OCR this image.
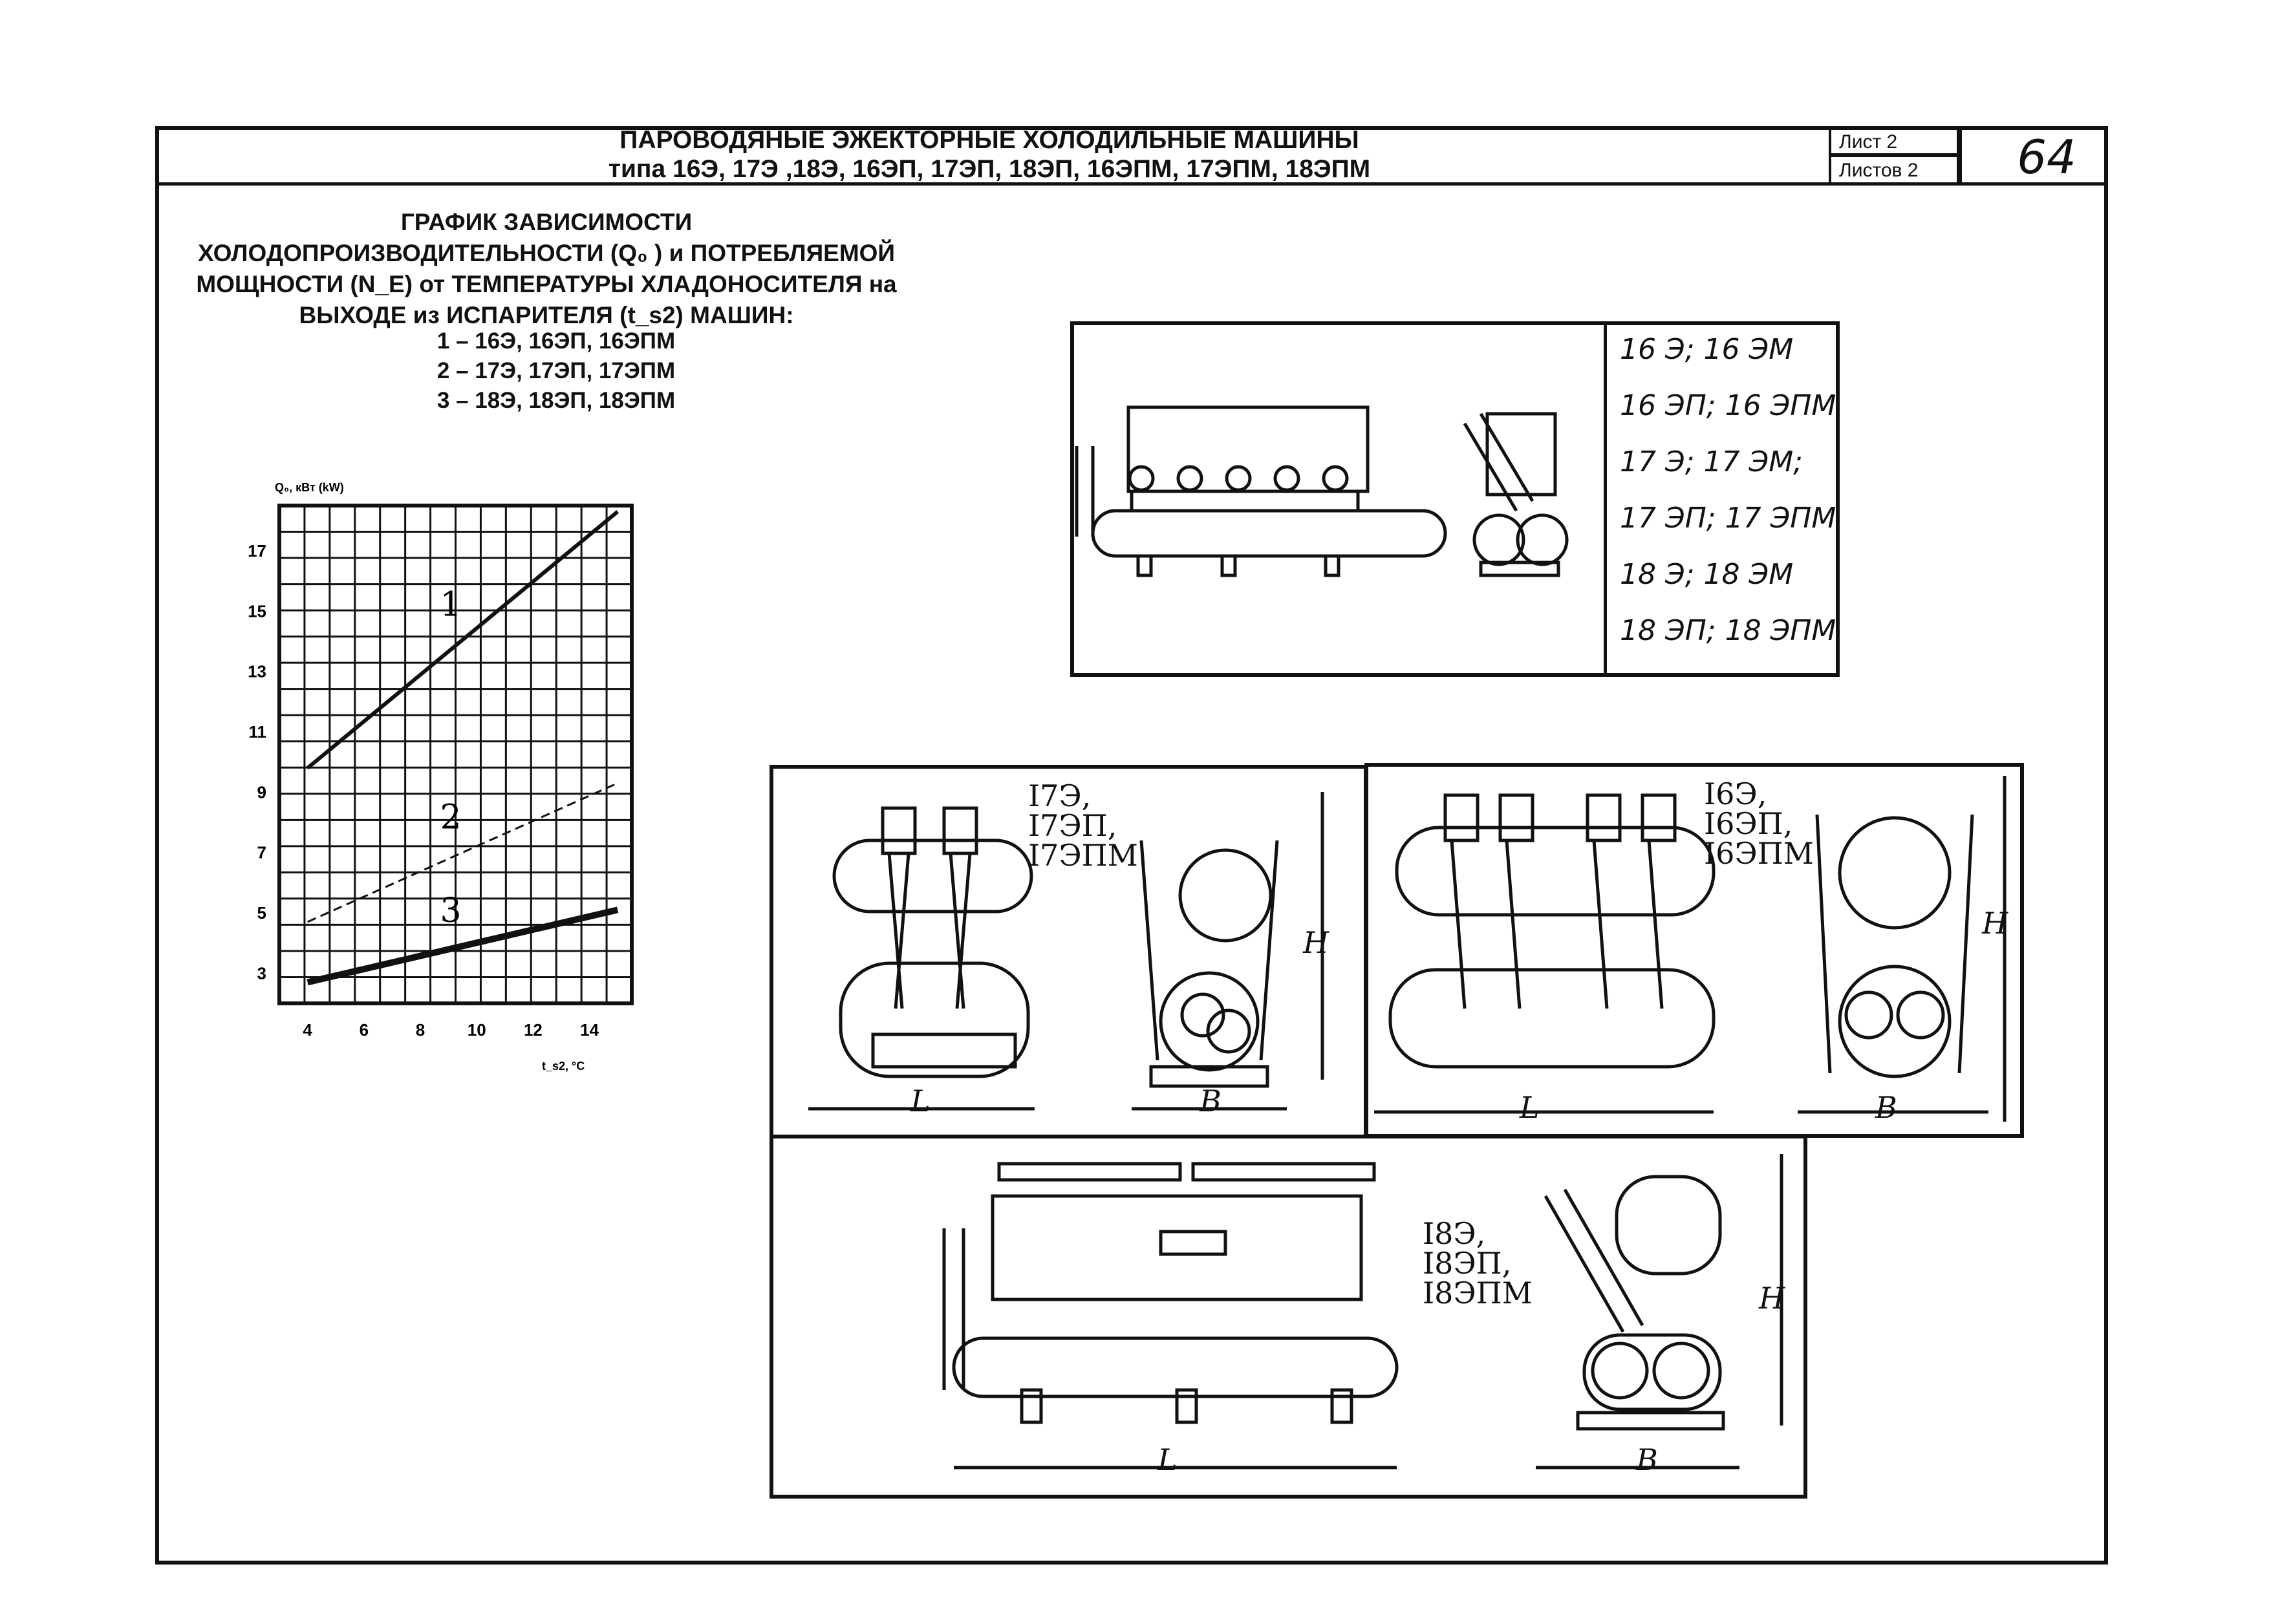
ПАРОВОДЯНЫЕ ЭЖЕКТОРНЫЕ ХОЛОДИЛЬНЫЕ МАШИНЫ
типа 16Э, 17Э ,18Э, 16ЭП, 17ЭП, 18ЭП, 16ЭПМ, 17ЭПМ, 18ЭПМ
Лист 2
Листов 2	64
ГРАФИК ЗАВИСИМОСТИ
ХОЛОДОПРОИЗВОДИТЕЛЬНОСТИ (Q₀ ) и ПОТРЕБЛЯЕМОЙ
МОЩНОСТИ (N_E) от ТЕМПЕРАТУРЫ ХЛАДОНОСИТЕЛЯ на
ВЫХОДЕ из ИСПАРИТЕЛЯ (t_s2) МАШИН:
1 – 16Э, 16ЭП, 16ЭПМ
2 – 17Э, 17ЭП, 17ЭПМ
3 – 18Э, 18ЭП, 18ЭПМ
4	6	8	10 12 14
3
5
7
9
11
13
15
17
Q₀, кВт (kW)
t_s2, °C
1
2
3
16 Э; 16 ЭМ
16 ЭП; 16 ЭПМ
17 Э; 17 ЭМ;
17 ЭП; 17 ЭПМ
18 Э; 18 ЭМ
18 ЭП; 18 ЭПМ
I7Э,
I7ЭП,
I7ЭПМ
I6Э,
I6ЭП,
I6ЭПМ
I8Э,
I8ЭП,
I8ЭПМ
L	B
H
L	B
H
L	B
H
